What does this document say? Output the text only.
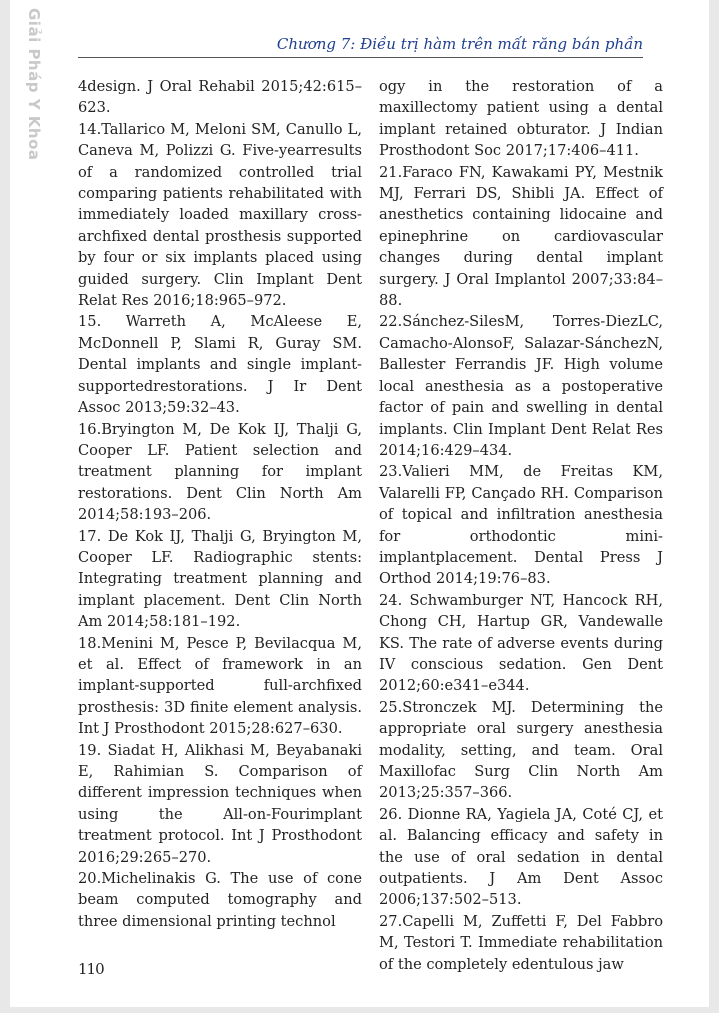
Giải Pháp Y Khoa	Chương 7: Điều trị hàm trên mất răng bán phần

4design. J Oral Rehabil 2015;42:615–623.

14.Tallarico M, Meloni SM, Canullo L, Caneva M, Polizzi G. Five-yearresults of a randomized controlled trial comparing patients rehabilitated with immediately loaded maxillary cross-archfixed dental prosthesis supported by four or six implants placed using guided surgery. Clin Implant Dent Relat Res 2016;18:965–972.

15. Warreth A, McAleese E, McDonnell P, Slami R, Guray SM. Dental implants and single implant-supportedrestorations. J Ir Dent Assoc 2013;59:32–43.

16.Bryington M, De Kok IJ, Thalji G, Cooper LF. Patient selection and treatment planning for implant restorations. Dent Clin North Am 2014;58:193–206.

17. De Kok IJ, Thalji G, Bryington M, Cooper LF. Radiographic stents: Integrating treatment planning and implant placement. Dent Clin North Am 2014;58:181–192.

18.Menini M, Pesce P, Bevilacqua M, et al. Effect of framework in an implant-supported full-archfixed prosthesis: 3D finite element analysis. Int J Prosthodont 2015;28:627–630.

19. Siadat H, Alikhasi M, Beyabanaki E, Rahimian S. Comparison of different impression techniques when using the All-on-Fourimplant treatment protocol. Int J Prosthodont 2016;29:265–270.

20.Michelinakis G. The use of cone beam computed tomography and three dimensional printing technol

ogy in the restoration of a maxillectomy patient using a dental implant retained obturator. J Indian Prosthodont Soc 2017;17:406–411.

21.Faraco FN, Kawakami PY, Mestnik MJ, Ferrari DS, Shibli JA. Effect of anesthetics containing lidocaine and epinephrine on cardiovascular changes during dental implant surgery. J Oral Implantol 2007;33:84–88.

22.Sánchez-SilesM, Torres-DiezLC, Camacho-AlonsoF, Salazar-SánchezN, Ballester Ferrandis JF. High volume local anesthesia as a postoperative factor of pain and swelling in dental implants. Clin Implant Dent Relat Res 2014;16:429–434.

23.Valieri MM, de Freitas KM, Valarelli FP, Cançado RH. Comparison of topical and infiltration anesthesia for orthodontic mini-implantplacement. Dental Press J Orthod 2014;19:76–83.

24. Schwamburger NT, Hancock RH, Chong CH, Hartup GR, Vandewalle KS. The rate of adverse events during IV conscious sedation. Gen Dent 2012;60:e341–e344.

25.Stronczek MJ. Determining the appropriate oral surgery anesthesia modality, setting, and team. Oral Maxillofac Surg Clin North Am 2013;25:357–366.

26. Dionne RA, Yagiela JA, Coté CJ, et al. Balancing efficacy and safety in the use of oral sedation in dental outpatients. J Am Dent Assoc 2006;137:502–513.

27.Capelli M, Zuffetti F, Del Fabbro M, Testori T. Immediate rehabilitation of the completely edentulous jaw

110
